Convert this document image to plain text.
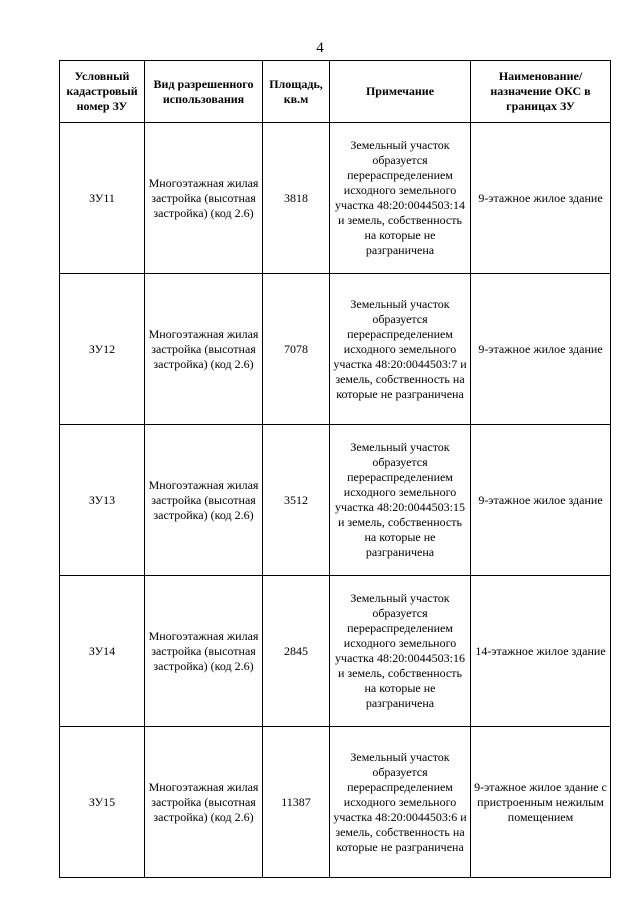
4
Условный кадастровый номер ЗУ	Вид разрешенного использования	Площадь, кв.м	Примечание	Наименование/ назначение ОКС в границах ЗУ
ЗУ11	Многоэтажная жилая застройка (высотная застройка) (код 2.6)	3818	Земельный участок образуется перераспределением исходного земельного участка 48:20:0044503:14 и земель, собственность на которые не разграничена	9-этажное жилое здание
ЗУ12	Многоэтажная жилая застройка (высотная застройка) (код 2.6)	7078	Земельный участок образуется перераспределением исходного земельного участка 48:20:0044503:7 и земель, собственность на которые не разграничена	9-этажное жилое здание
ЗУ13	Многоэтажная жилая застройка (высотная застройка) (код 2.6)	3512	Земельный участок образуется перераспределением исходного земельного участка 48:20:0044503:15 и земель, собственность на которые не разграничена	9-этажное жилое здание
ЗУ14	Многоэтажная жилая застройка (высотная застройка) (код 2.6)	2845	Земельный участок образуется перераспределением исходного земельного участка 48:20:0044503:16 и земель, собственность на которые не разграничена	14-этажное жилое здание
ЗУ15	Многоэтажная жилая застройка (высотная застройка) (код 2.6)	11387	Земельный участок образуется перераспределением исходного земельного участка 48:20:0044503:6 и земель, собственность на которые не разграничена	9-этажное жилое здание с пристроенным нежилым помещением
